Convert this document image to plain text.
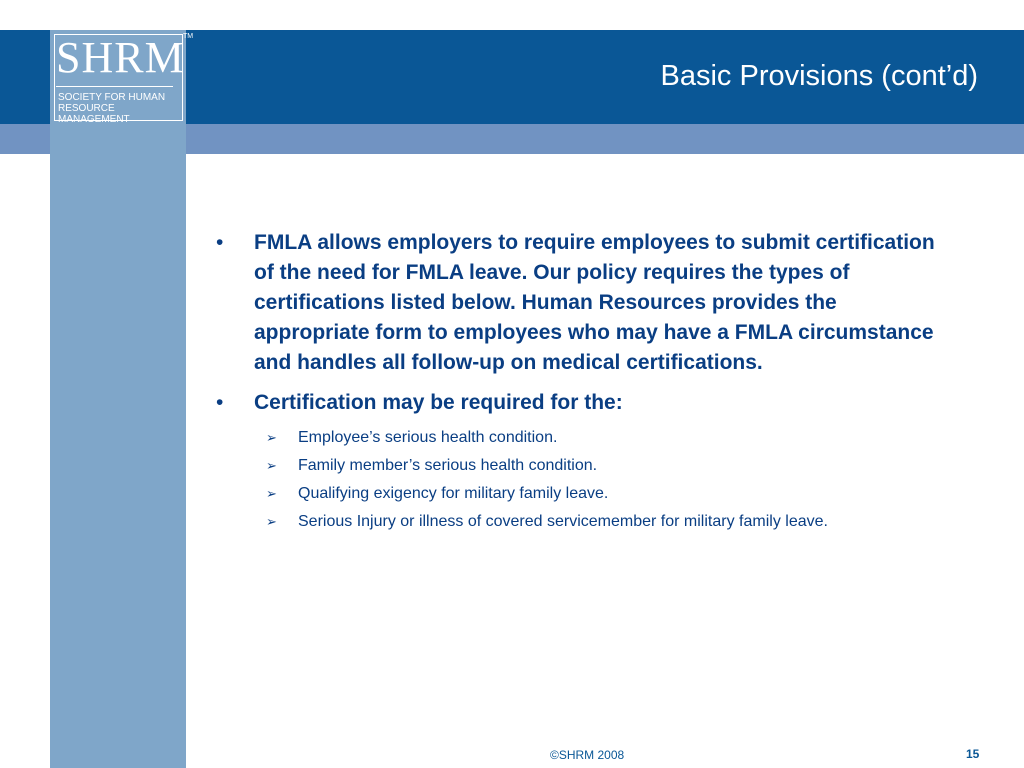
SHRM
TM
SOCIETY FOR HUMAN
RESOURCE MANAGEMENT
Basic Provisions (cont’d)
• FMLA allows employers to require employees to submit certification of the need for FMLA leave. Our policy requires the types of certifications listed below. Human Resources provides the appropriate form to employees who may have a FMLA circumstance and handles all follow-up on medical certifications.
• Certification may be required for the:
➢ Employee’s serious health condition.
➢ Family member’s serious health condition.
➢ Qualifying exigency for military family leave.
➢ Serious Injury or illness of covered servicemember for military family leave.
©SHRM 2008	15
